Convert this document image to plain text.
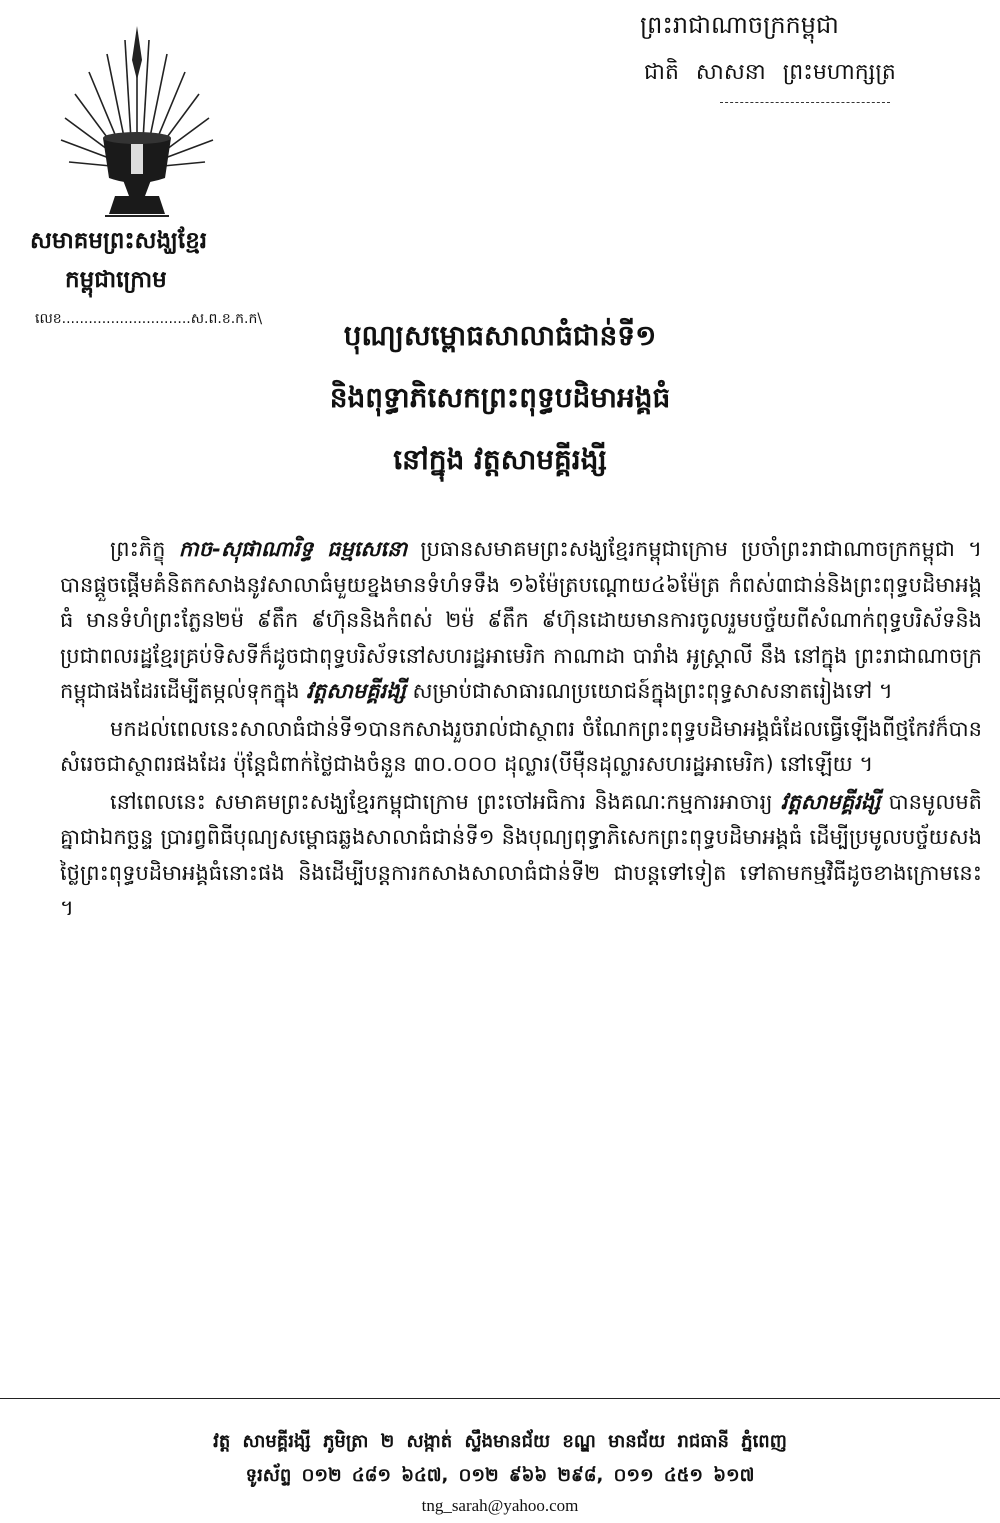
ព្រះរាជាណាចក្រកម្ពុជា
ជាតិ សាសនា ព្រះមហាក្សត្រ
សមាគមព្រះសង្ឃខ្មែរ
កម្ពុជាក្រោម
លេខ.............................ស.ព.ខ.ក.ក\	បុណ្យសម្ពោធសាលាធំជាន់ទី១
និងពុទ្ធាភិសេកព្រះពុទ្ធបដិមាអង្គធំ
នៅក្នុង វត្តសាមគ្គីរង្សី

ព្រះភិក្ខុ កាច-សុផាណារិទ្ធ ធម្មសេនោ ប្រធានសមាគមព្រះសង្ឃខ្មែរកម្ពុជាក្រោម ប្រចាំព្រះរាជាណាចក្រកម្ពុជា ។ បានផ្តួចផ្តើមគំនិតកសាងនូវសាលាធំមួយខ្នងមានទំហំទទឹង ១៦ម៉ែត្របណ្តោយ៤៦ម៉ែត្រ កំពស់៣ជាន់និងព្រះពុទ្ធបដិមាអង្គធំ មានទំហំព្រះភ្លែន២ម៉ ៩តឹក ៩ហ៊ុននិងកំពស់ ២ម៉ ៩តឹក ៩ហ៊ុនដោយមានការចូលរួមបច្ច័យពីសំណាក់ពុទ្ធបរិស័ទនិងប្រជាពលរដ្ឋខ្មែរគ្រប់ទិសទីក៏ដូចជាពុទ្ធបរិស័ទនៅសហរដ្ឋអាមេរិក កាណាដា បារាំង អូស្ត្រាលី នឹង នៅក្នុង ព្រះរាជាណាចក្រកម្ពុជាផងដែរដើម្បីតម្កល់ទុកក្នុង វត្តសាមគ្គីរង្សី សម្រាប់ជាសាធារណប្រយោជន៍ក្នុងព្រះពុទ្ធសាសនាតរៀងទៅ ។

មកដល់ពេលនេះសាលាធំជាន់ទី១បានកសាងរួចរាល់ជាស្ថាពរ ចំណែកព្រះពុទ្ធបដិមាអង្គធំដែលធ្វើឡើងពីថ្មកែវក៏បានសំរេចជាស្ថាពរផងដែរ ប៉ុន្តែជំពាក់ថ្លៃជាងចំនួន ៣០.០០០ ដុល្លារ(បីម៉ឺនដុល្លារសហរដ្ឋអាមេរិក) នៅឡើយ ។

នៅពេលនេះ សមាគមព្រះសង្ឃខ្មែរកម្ពុជាក្រោម ព្រះចៅអធិការ និងគណៈកម្មការអាចារ្យ វត្តសាមគ្គីរង្សី បានមូលមតិគ្នាជាឯកច្ឆន្ទ ប្រារព្វពិធីបុណ្យសម្ពោធឆ្លងសាលាធំជាន់ទី១ និងបុណ្យពុទ្ធាភិសេកព្រះពុទ្ធបដិមាអង្គធំ ដើម្បីប្រមូលបច្ច័យសងថ្លៃព្រះពុទ្ធបដិមាអង្គធំនោះផង និងដើម្បីបន្តការកសាងសាលាធំជាន់ទី២ ជាបន្តទៅទៀត ទៅតាមកម្មវិធីដូចខាងក្រោមនេះ ។

វត្ត សាមគ្គីរង្សី ភូមិត្រា ២ សង្កាត់ ស្ទឹងមានជ័យ ខណ្ឌ មានជ័យ រាជធានី ភ្នំពេញ
ទូរស័ព្ទ ០១២ ៤៨១ ៦៤៧, ០១២ ៩៦៦ ២៩៨, ០១១ ៤៥១ ៦១៧
tng_sarah@yahoo.com
